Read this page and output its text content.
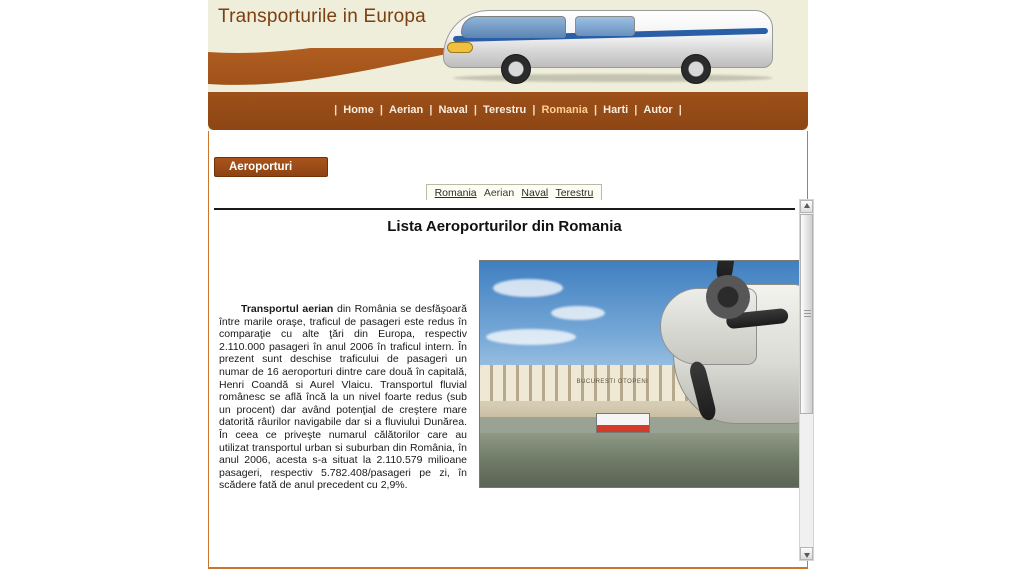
Transporturile in Europa
| Home | Aerian | Naval | Terestru | Romania | Harti | Autor |
Aeroporturi
Romania Aerian Naval Terestru
Lista Aeroporturilor din Romania
Transportul aerian din România se desfăşoară între marile oraşe, traficul de pasageri este redus în comparaţie cu alte ţări din Europa, respectiv 2.110.000 pasageri în anul 2006 în traficul intern. În prezent sunt deschise traficului de pasageri un numar de 16 aeroporturi dintre care două în capitală, Henri Coandă si Aurel Vlaicu. Transportul fluvial românesc se află încă la un nivel foarte redus (sub un procent) dar având potenţial de creştere mare datorită râurilor navigabile dar si a fluviului Dunărea. În ceea ce priveşte numarul călătorilor care au utilizat transportul urban si suburban din România, în anul 2006, acesta s-a situat la 2.110.579 milioane pasageri, respectiv 5.782.408/pasageri pe zi, în scădere fată de anul precedent cu 2,9%.
BUCURESTI OTOPENI
